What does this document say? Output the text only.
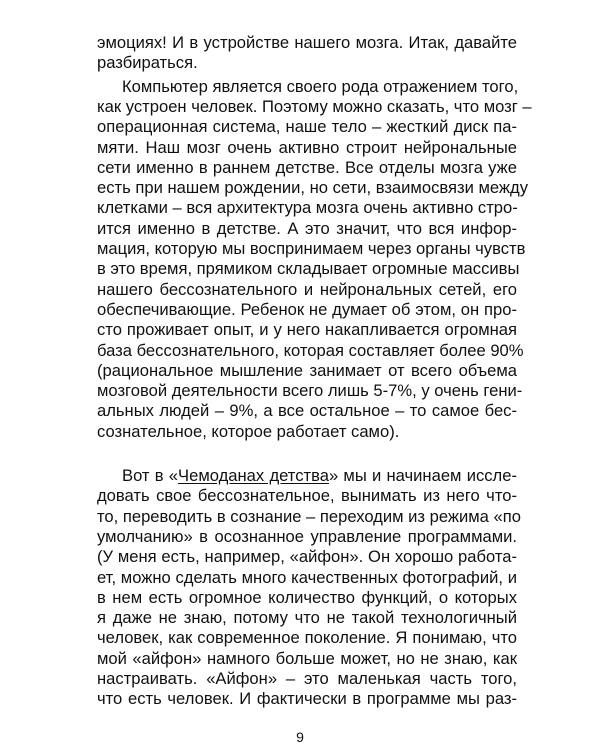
эмоциях! И в устройстве нашего мозга. Итак, давайте
разбираться.
Компьютер является своего рода отражением того,
как устроен человек. Поэтому можно сказать, что мозг –
операционная система, наше тело – жесткий диск па-
мяти. Наш мозг очень активно строит нейрональные
сети именно в раннем детстве. Все отделы мозга уже
есть при нашем рождении, но сети, взаимосвязи между
клетками – вся архитектура мозга очень активно стро-
ится именно в детстве. А это значит, что вся инфор-
мация, которую мы воспринимаем через органы чувств
в это время, прямиком складывает огромные массивы
нашего бессознательного и нейрональных сетей, его
обеспечивающие. Ребенок не думает об этом, он про-
сто проживает опыт, и у него накапливается огромная
база бессознательного, которая составляет более 90%
(рациональное мышление занимает от всего объема
мозговой деятельности всего лишь 5-7%, у очень гени-
альных людей – 9%, а все остальное – то самое бес-
сознательное, которое работает само).
Вот в «Чемоданах детства» мы и начинаем иссле-
довать свое бессознательное, вынимать из него что-
то, переводить в сознание – переходим из режима «по
умолчанию» в осознанное управление программами.
(У меня есть, например, «айфон». Он хорошо работа-
ет, можно сделать много качественных фотографий, и
в нем есть огромное количество функций, о которых
я даже не знаю, потому что не такой технологичный
человек, как современное поколение. Я понимаю, что
мой «айфон» намного больше может, но не знаю, как
настраивать. «Айфон» – это маленькая часть того,
что есть человек. И фактически в программе мы раз-
9
